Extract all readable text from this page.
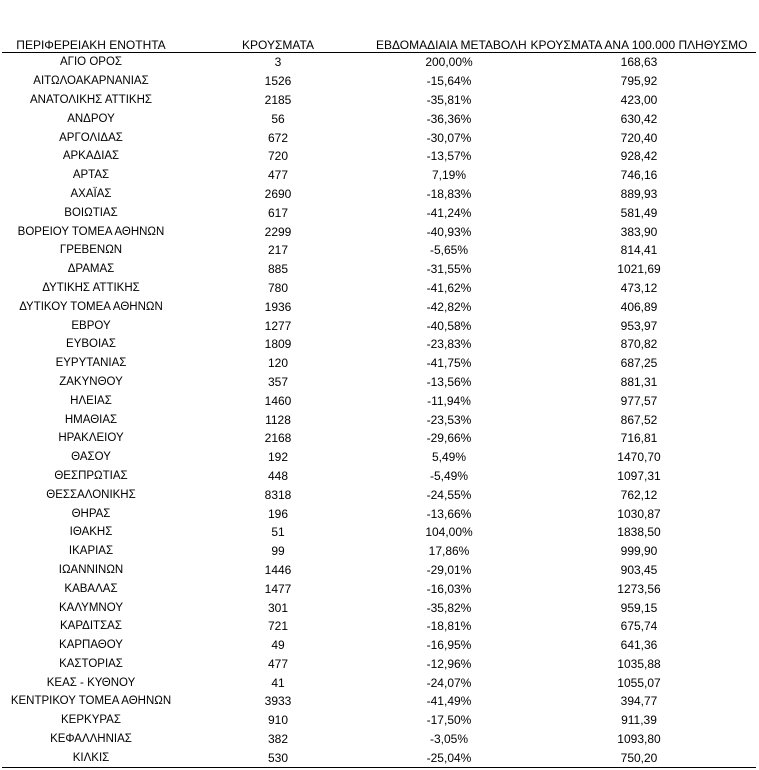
ΠΕΡΙΦΕΡΕΙΑΚΗ ΕΝΟΤΗΤΑ	ΚΡΟΥΣΜΑΤΑ	ΕΒΔΟΜΑΔΙΑΙΑ ΜΕΤΑΒΟΛΗ	ΚΡΟΥΣΜΑΤΑ ΑΝΑ 100.000 ΠΛΗΘΥΣΜΟ
ΑΓΙΟ ΟΡΟΣ	3	200,00%	168,63
ΑΙΤΩΛΟΑΚΑΡΝΑΝΙΑΣ	1526	-15,64%	795,92
ΑΝΑΤΟΛΙΚΗΣ ΑΤΤΙΚΗΣ	2185	-35,81%	423,00
ΑΝΔΡΟΥ	56	-36,36%	630,42
ΑΡΓΟΛΙΔΑΣ	672	-30,07%	720,40
ΑΡΚΑΔΙΑΣ	720	-13,57%	928,42
ΑΡΤΑΣ	477	7,19%	746,16
ΑΧΑΪΑΣ	2690	-18,83%	889,93
ΒΟΙΩΤΙΑΣ	617	-41,24%	581,49
ΒΟΡΕΙΟΥ ΤΟΜΕΑ ΑΘΗΝΩΝ	2299	-40,93%	383,90
ΓΡΕΒΕΝΩΝ	217	-5,65%	814,41
ΔΡΑΜΑΣ	885	-31,55%	1021,69
ΔΥΤΙΚΗΣ ΑΤΤΙΚΗΣ	780	-41,62%	473,12
ΔΥΤΙΚΟΥ ΤΟΜΕΑ ΑΘΗΝΩΝ	1936	-42,82%	406,89
ΕΒΡΟΥ	1277	-40,58%	953,97
ΕΥΒΟΙΑΣ	1809	-23,83%	870,82
ΕΥΡΥΤΑΝΙΑΣ	120	-41,75%	687,25
ΖΑΚΥΝΘΟΥ	357	-13,56%	881,31
ΗΛΕΙΑΣ	1460	-11,94%	977,57
ΗΜΑΘΙΑΣ	1128	-23,53%	867,52
ΗΡΑΚΛΕΙΟΥ	2168	-29,66%	716,81
ΘΑΣΟΥ	192	5,49%	1470,70
ΘΕΣΠΡΩΤΙΑΣ	448	-5,49%	1097,31
ΘΕΣΣΑΛΟΝΙΚΗΣ	8318	-24,55%	762,12
ΘΗΡΑΣ	196	-13,66%	1030,87
ΙΘΑΚΗΣ	51	104,00%	1838,50
ΙΚΑΡΙΑΣ	99	17,86%	999,90
ΙΩΑΝΝΙΝΩΝ	1446	-29,01%	903,45
ΚΑΒΑΛΑΣ	1477	-16,03%	1273,56
ΚΑΛΥΜΝΟΥ	301	-35,82%	959,15
ΚΑΡΔΙΤΣΑΣ	721	-18,81%	675,74
ΚΑΡΠΑΘΟΥ	49	-16,95%	641,36
ΚΑΣΤΟΡΙΑΣ	477	-12,96%	1035,88
ΚΕΑΣ - ΚΥΘΝΟΥ	41	-24,07%	1055,07
ΚΕΝΤΡΙΚΟΥ ΤΟΜΕΑ ΑΘΗΝΩΝ	3933	-41,49%	394,77
ΚΕΡΚΥΡΑΣ	910	-17,50%	911,39
ΚΕΦΑΛΛΗΝΙΑΣ	382	-3,05%	1093,80
ΚΙΛΚΙΣ	530	-25,04%	750,20
